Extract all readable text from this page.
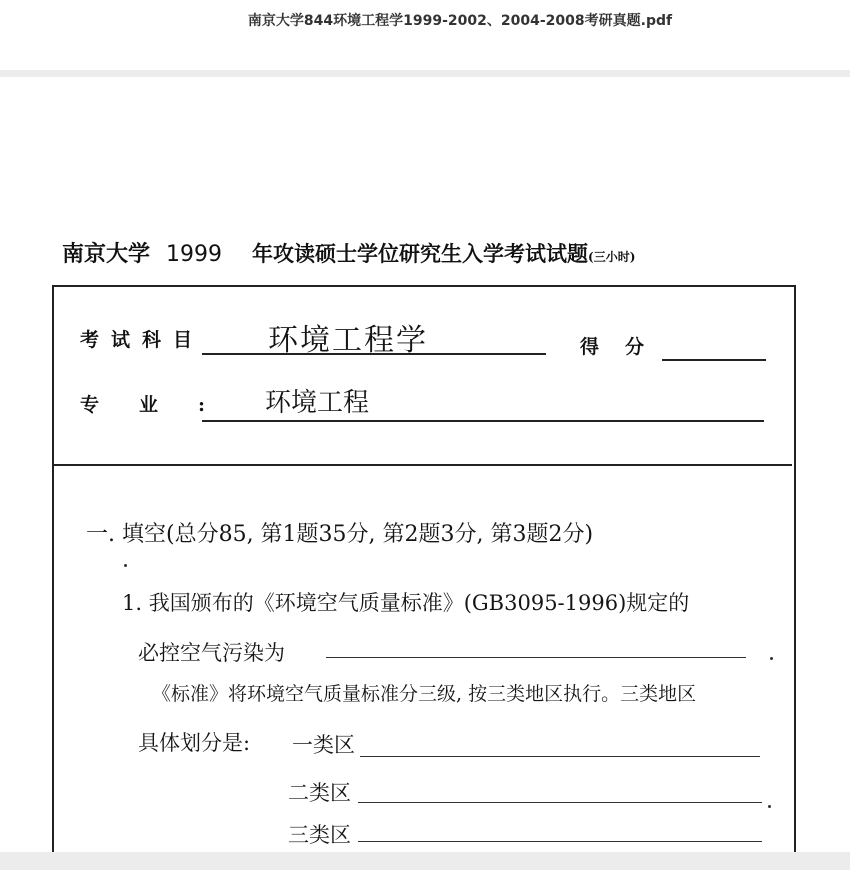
南京大学844环境工程学1999-2002、2004-2008考研真题.pdf
南京大学 1999 年攻读硕士学位研究生入学考试试题(三小时)
考试科目 环境工程学	得分
专业: 环境工程
一. 填空(总分85, 第1题35分, 第2题3分, 第3题2分)
1. 我国颁布的《环境空气质量标准》(GB3095-1996)规定的
必控空气污染为
《标准》将环境空气质量标准分三级, 按三类地区执行。三类地区
具体划分是: 一类区
二类区
三类区
